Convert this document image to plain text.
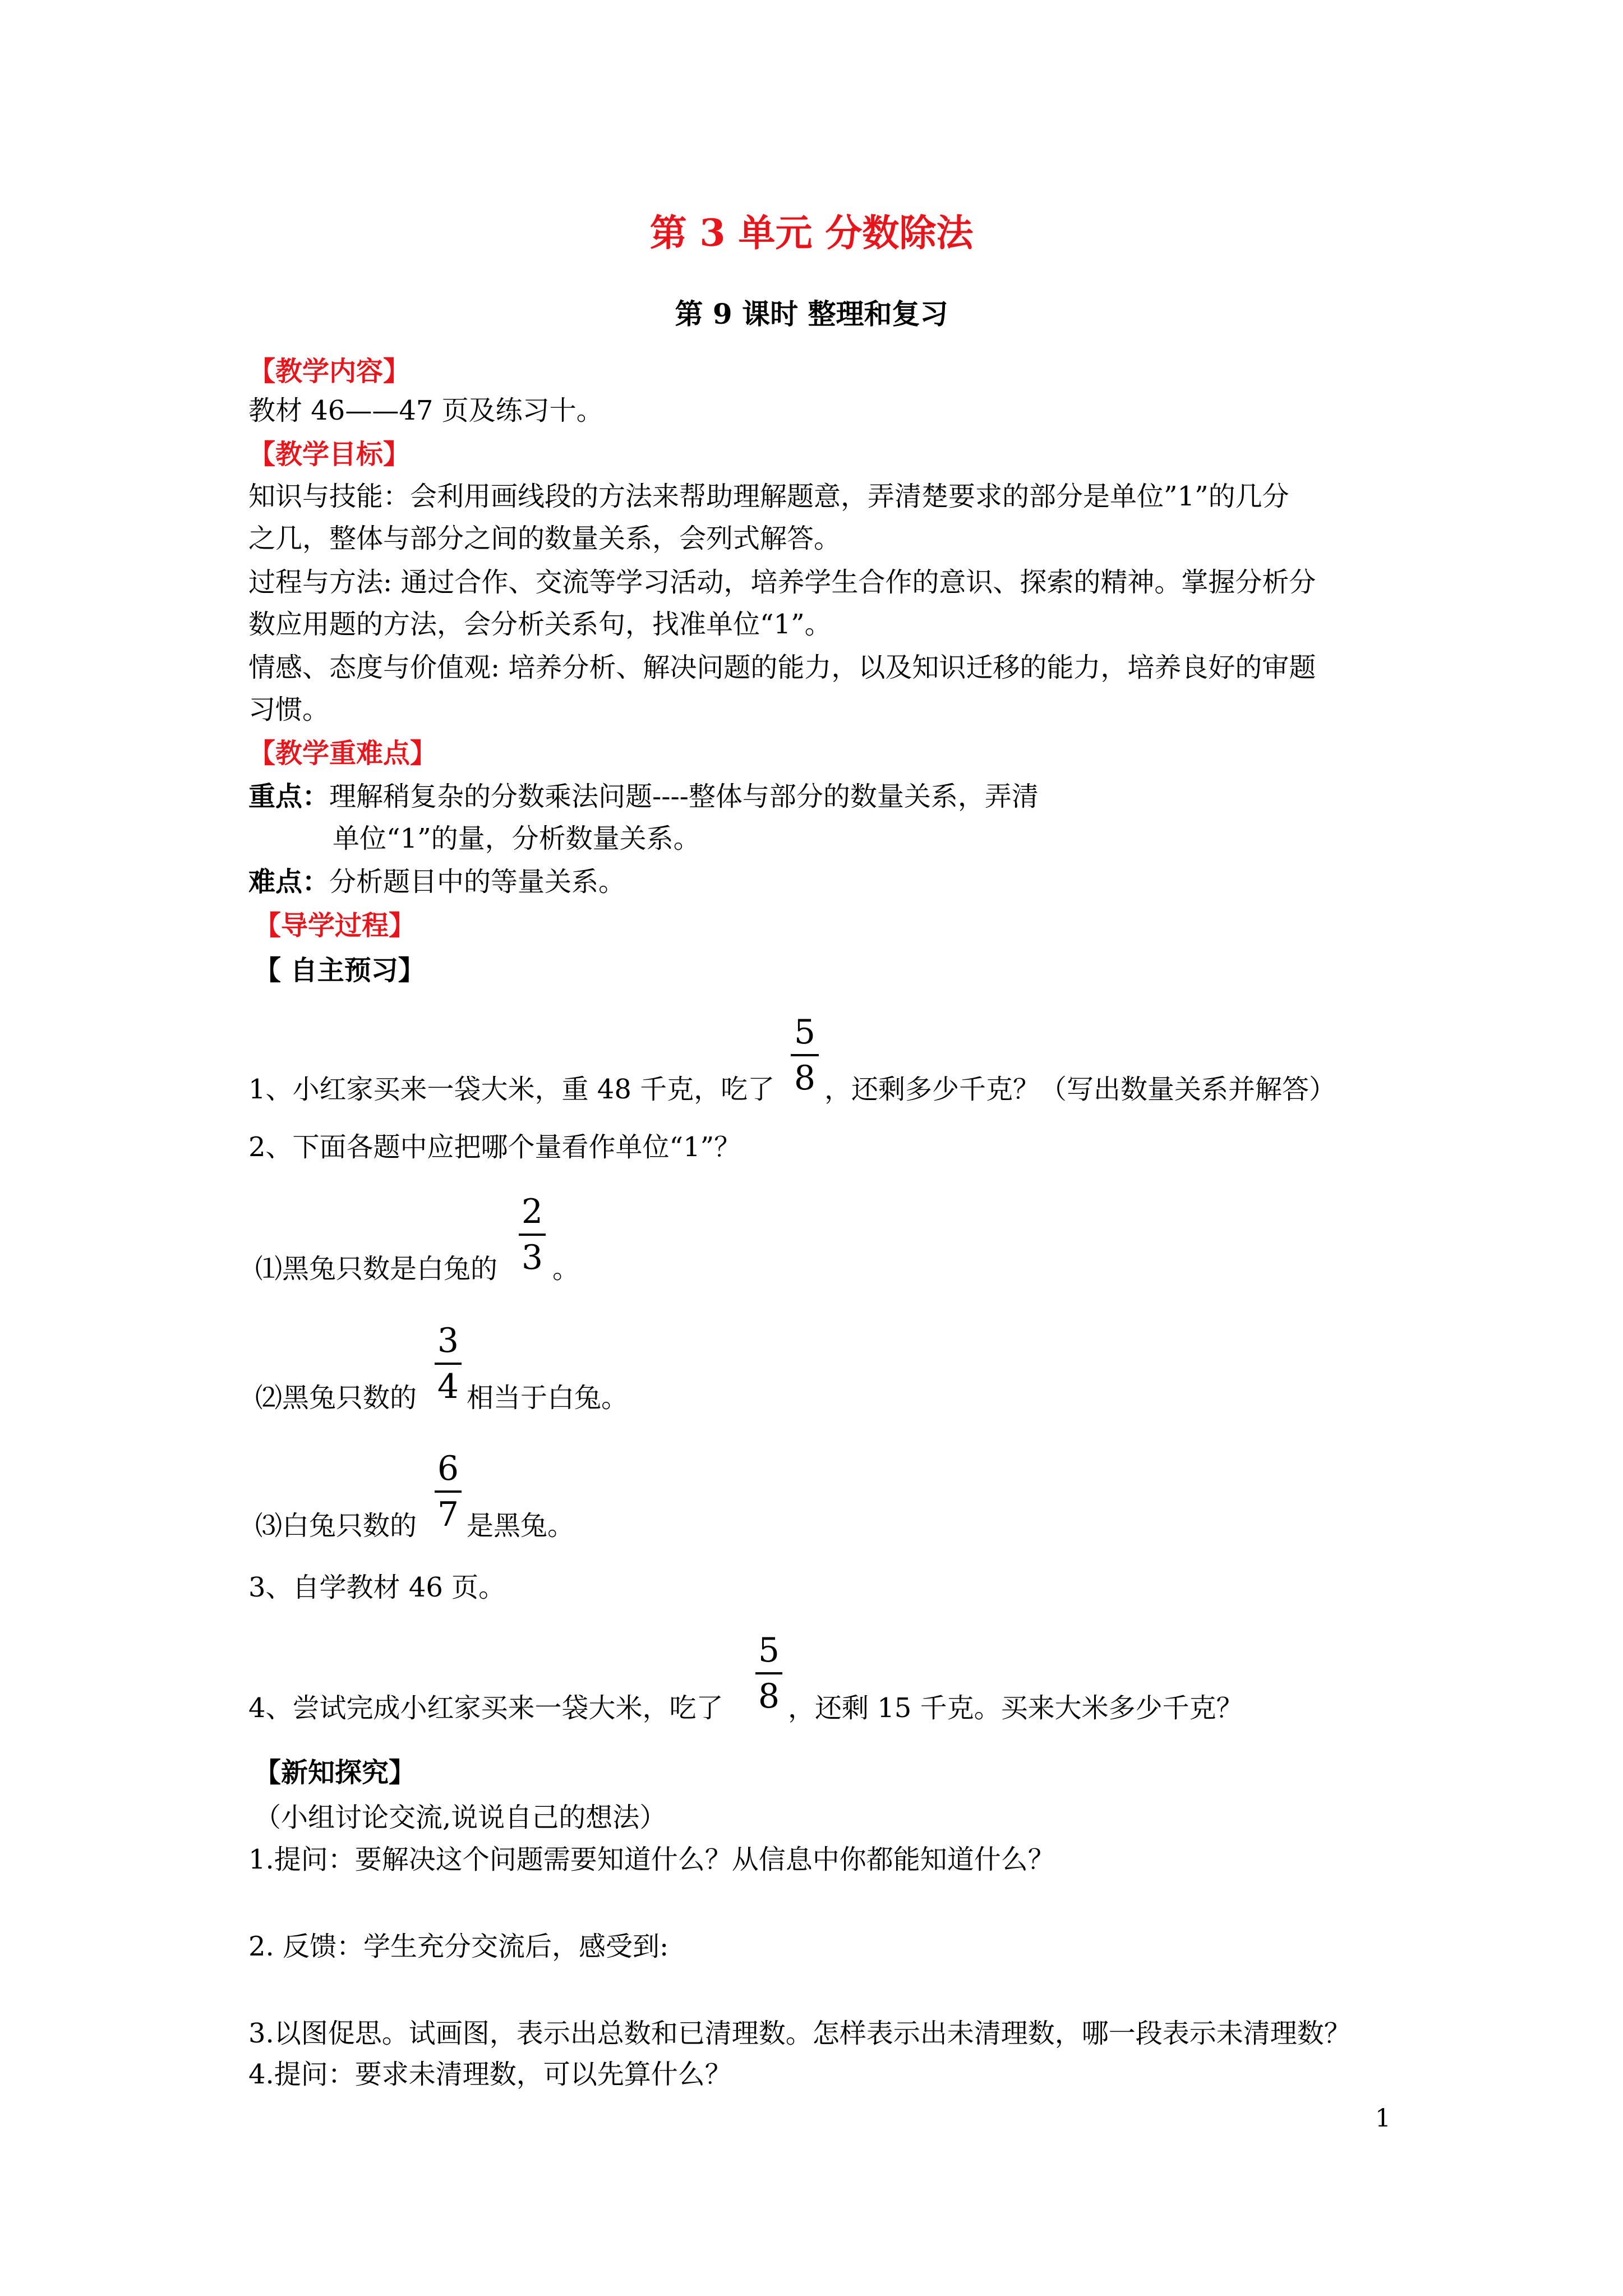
第 3 单元 分数除法
第 9 课时 整理和复习
【教学内容】
教材 46——47 页及练习十。
【教学目标】
知识与技能：会利用画线段的方法来帮助理解题意，弄清楚要求的部分是单位”1”的几分
之几，整体与部分之间的数量关系，会列式解答。
过程与方法: 通过合作、交流等学习活动，培养学生合作的意识、探索的精神。掌握分析分
数应用题的方法，会分析关系句，找准单位“1”。
情感、态度与价值观: 培养分析、解决问题的能力，以及知识迁移的能力，培养良好的审题
习惯。
【教学重难点】
重点：理解稍复杂的分数乘法问题----整体与部分的数量关系，弄清
单位“1”的量，分析数量关系。
难点：分析题目中的等量关系。
【导学过程】
【 自主预习】
5
8
1、小红家买来一袋大米，重 48 千克，吃了 ，还剩多少千克？（写出数量关系并解答）
2、下面各题中应把哪个量看作单位“1”？
2
3
⑴黑兔只数是白兔的 。
3
4
⑵黑兔只数的 相当于白兔。
6
7
⑶白兔只数的 是黑兔。
3、自学教材 46 页。
5
8
4、尝试完成小红家买来一袋大米，吃了 ，还剩 15 千克。买来大米多少千克？
【新知探究】
（小组讨论交流,说说自己的想法）
1.提问：要解决这个问题需要知道什么？从信息中你都能知道什么？
2. 反馈：学生充分交流后，感受到:
3.以图促思。试画图，表示出总数和已清理数。怎样表示出未清理数，哪一段表示未清理数？
4.提问：要求未清理数，可以先算什么？
1
